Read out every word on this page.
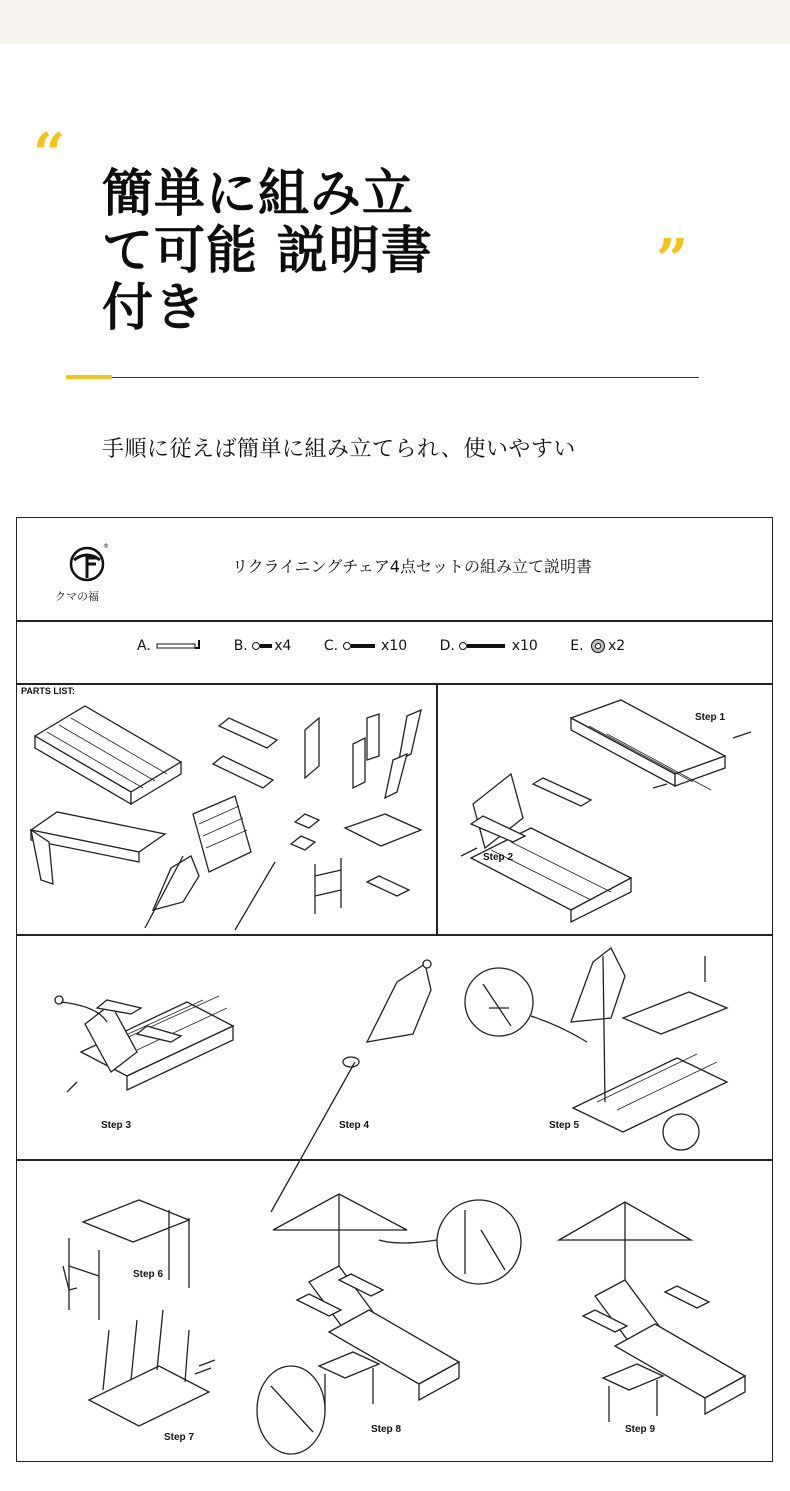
“
簡単に組み立
て可能 説明書
付き
”
手順に従えば簡単に組み立てられ、使いやすい
®
クマの福
リクライニングチェア4点セットの組み立て説明書
A.	B. x4 C.	x10 D.	x10 E. x2
PARTS LIST:
Step 1
Step 2
Step 3	Step 4	Step 5
Step 6
Step 7
Step 8	Step 9
